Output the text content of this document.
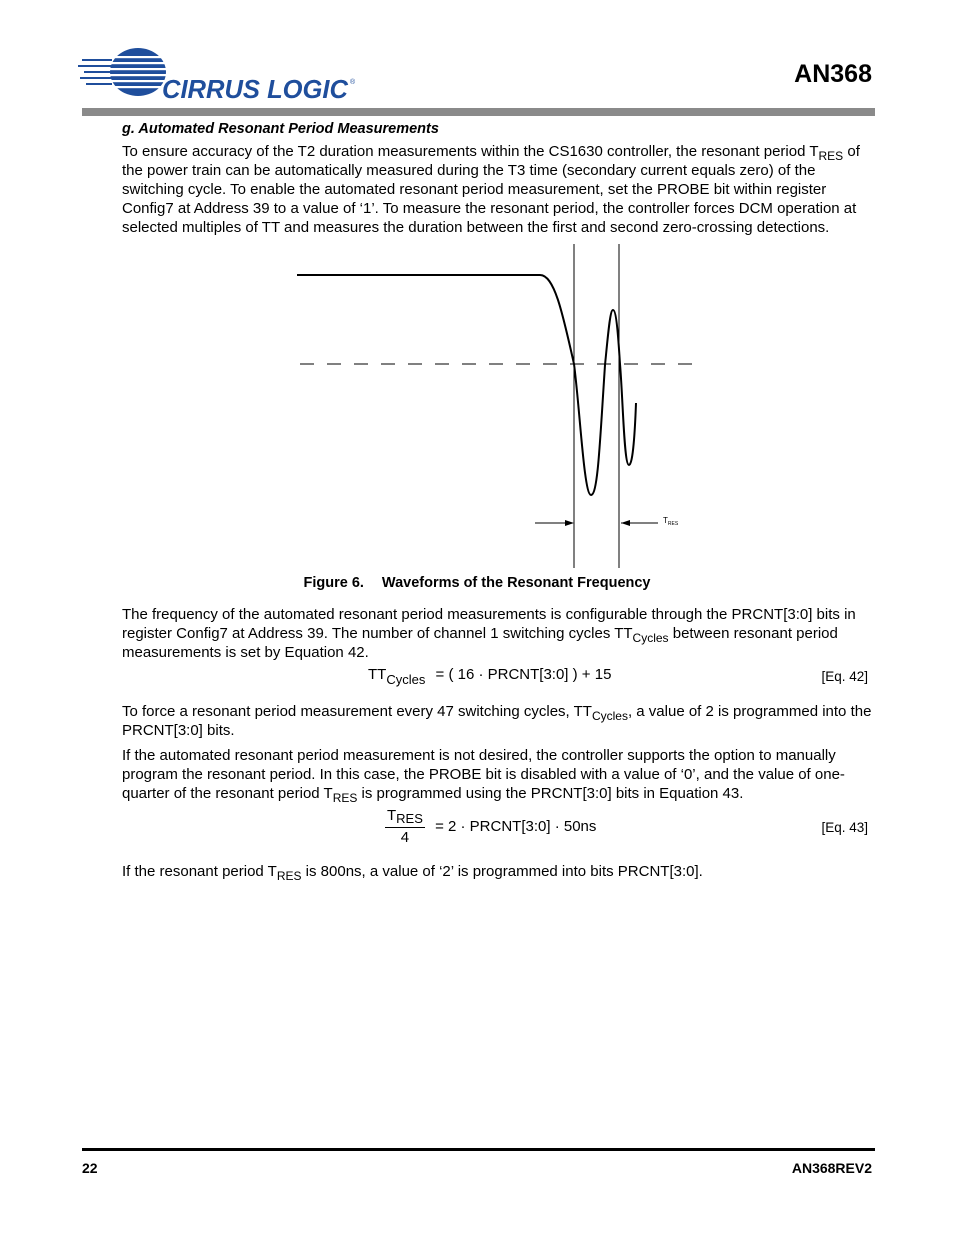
CIRRUS LOGIC ®	AN368
g. Automated Resonant Period Measurements
To ensure accuracy of the T2 duration measurements within the CS1630 controller, the resonant period $T_{RES}$ of the power train can be automatically measured during the T3 time (secondary current equals zero) of the switching cycle. To enable the automated resonant period measurement, set the PROBE bit within register Config7 at Address 39 to a value of ‘1’. To measure the resonant period, the controller forces DCM operation at selected multiples of TT and measures the duration between the first and second zero-crossing detections.
$T_{RES}$
Figure 6. Waveforms of the Resonant Frequency
The frequency of the automated resonant period measurements is configurable through the PRCNT[3:0] bits in register Config7 at Address 39. The number of channel 1 switching cycles $TT_{Cycles}$ between resonant period measurements is set by Equation 42.
$TT_{Cycles}$ = ( 16 · PRCNT[3:0] ) + 15	[Eq. 42]
To force a resonant period measurement every 47 switching cycles, $TT_{Cycles}$, a value of 2 is programmed into the PRCNT[3:0] bits.
If the automated resonant period measurement is not desired, the controller supports the option to manually program the resonant period. In this case, the PROBE bit is disabled with a value of ‘0’, and the value of one-quarter of the resonant period $T_{RES}$ is programmed using the PRCNT[3:0] bits in Equation 43.
$\frac{T_{RES}}{4} = 2$ · PRCNT[3:0] · 50ns	[Eq. 43]
If the resonant period $T_{RES}$ is 800ns, a value of ‘2’ is programmed into bits PRCNT[3:0].
22	AN368REV2
